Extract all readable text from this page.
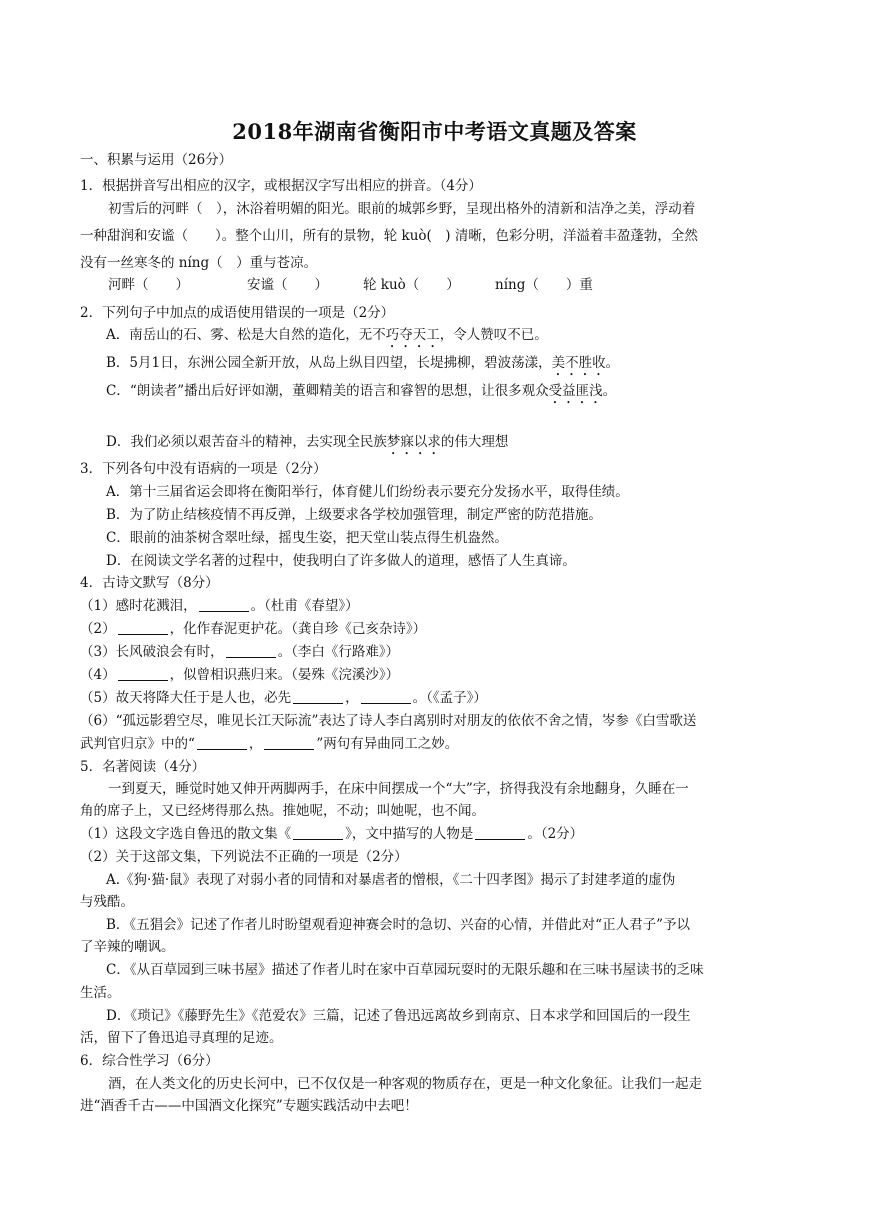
2018年湖南省衡阳市中考语文真题及答案
一、积累与运用（26分）
1．根据拼音写出相应的汉字，或根据汉字写出相应的拼音。（4分）
初雪后的河畔（　），沐浴着明媚的阳光。眼前的城郭乡野，呈现出格外的清新和洁净之美，浮动着
一种甜润和安谧（　　）。整个山川，所有的景物，轮 kuò(　) 清晰，色彩分明，洋溢着丰盈蓬勃，全然
没有一丝寒冬的 níng（　）重与苍凉。
河畔（　　）	安谧（　　）	轮 kuò（　　）	níng（　　）重
2．下列句子中加点的成语使用错误的一项是（2分）
A．南岳山的石、雾、松是大自然的造化，无不巧夺天工，令人赞叹不已。
B．5月1日，东洲公园全新开放，从岛上纵目四望，长堤拂柳，碧波荡漾，美不胜收。
C．“朗读者”播出后好评如潮，董卿精美的语言和睿智的思想，让很多观众受益匪浅。
D．我们必须以艰苦奋斗的精神，去实现全民族梦寐以求的伟大理想
3．下列各句中没有语病的一项是（2分）
A．第十三届省运会即将在衡阳举行，体育健儿们纷纷表示要充分发扬水平，取得佳绩。
B．为了防止结核疫情不再反弹，上级要求各学校加强管理，制定严密的防范措施。
C．眼前的油茶树含翠吐绿，摇曳生姿，把天堂山装点得生机盎然。
D．在阅读文学名著的过程中，使我明白了许多做人的道理，感悟了人生真谛。
4．古诗文默写（8分）
（1）感时花溅泪，	。（杜甫《春望》）
（2）	，化作春泥更护花。（龚自珍《己亥杂诗》）
（3）长风破浪会有时，	。（李白《行路难》）
（4）	，似曾相识燕归来。（晏殊《浣溪沙》）
（5）故天将降大任于是人也，必先	，	。（《孟子》）
（6）“孤远影碧空尽，唯见长江天际流”表达了诗人李白离别时对朋友的依依不舍之情，岑参《白雪歌送
武判官归京》中的“	，	”两句有异曲同工之妙。
5．名著阅读（4分）
一到夏天，睡觉时她又伸开两脚两手，在床中间摆成一个“大”字，挤得我没有余地翻身，久睡在一
角的席子上，又已经烤得那么热。推她呢，不动；叫她呢，也不闻。
（1）这段文字选自鲁迅的散文集《	》，文中描写的人物是	。（2分）
（2）关于这部文集，下列说法不正确的一项是（2分）
A.《狗·猫·鼠》表现了对弱小者的同情和对暴虐者的憎根，《二十四孝图》揭示了封建孝道的虚伪
与残酷。
B．《五猖会》记述了作者儿时盼望观看迎神赛会时的急切、兴奋的心情，并借此对“正人君子”予以
了辛辣的嘲讽。
C．《从百草园到三味书屋》描述了作者儿时在家中百草园玩耍时的无限乐趣和在三味书屋读书的乏味
生活。
D．《琐记》《藤野先生》《范爱农》三篇，记述了鲁迅远离故乡到南京、日本求学和回国后的一段生
活，留下了鲁迅追寻真理的足迹。
6．综合性学习（6分）
酒，在人类文化的历史长河中，已不仅仅是一种客观的物质存在，更是一种文化象征。让我们一起走
进“酒香千古——中国酒文化探究”专题实践活动中去吧！
